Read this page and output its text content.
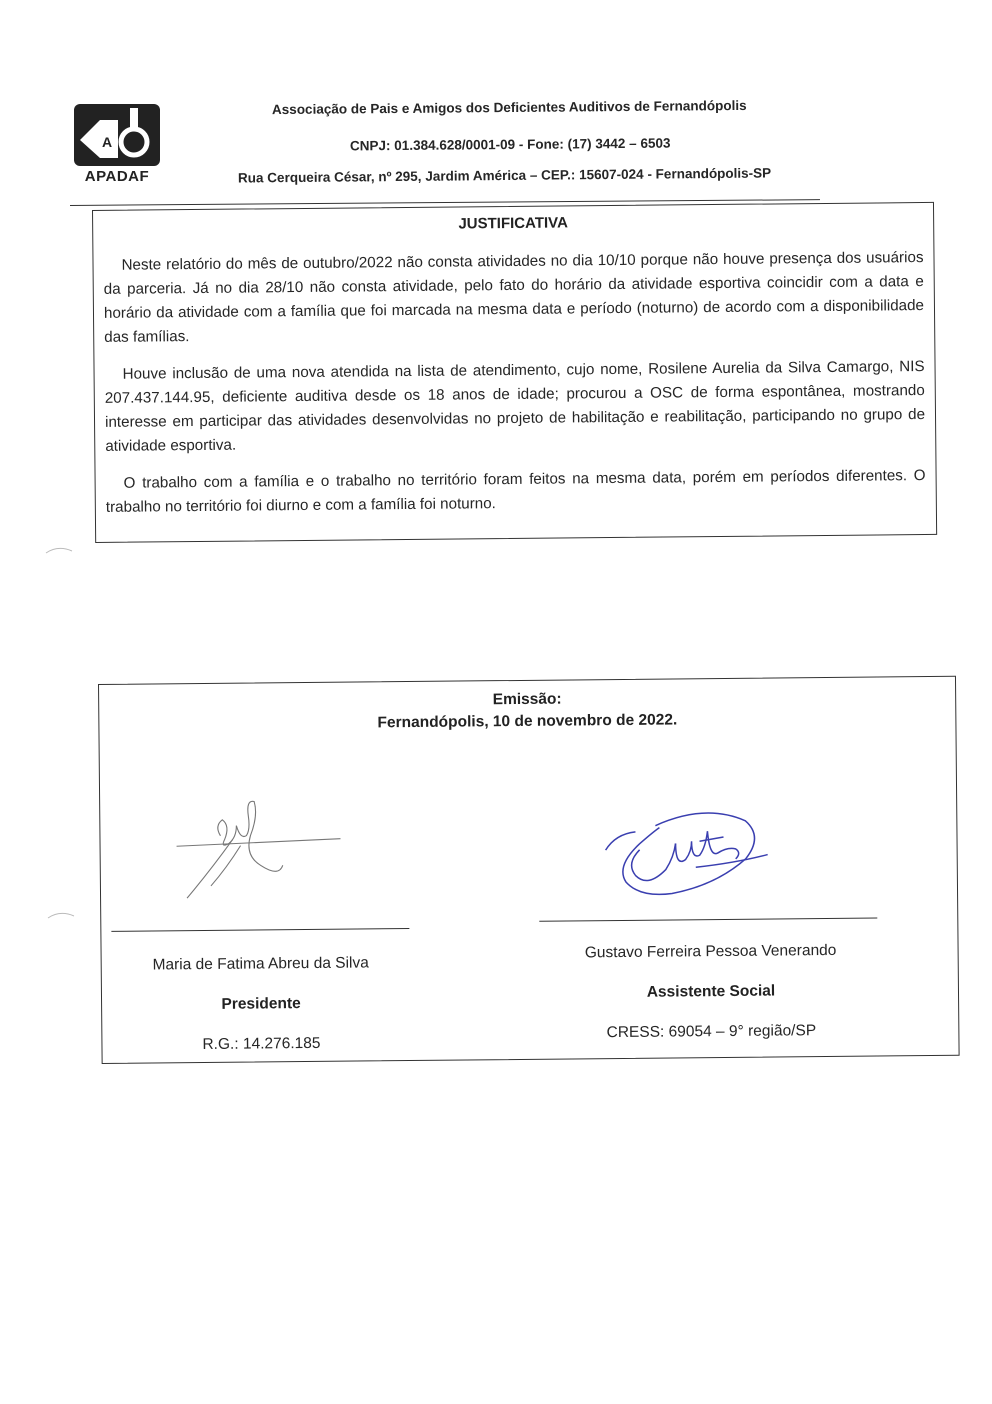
A
APADAF
Associação de Pais e Amigos dos Deficientes Auditivos de Fernandópolis
CNPJ: 01.384.628/0001-09 - Fone: (17) 3442 – 6503
Rua Cerqueira César, nº 295, Jardim América – CEP.: 15607-024 - Fernandópolis-SP
JUSTIFICATIVA

Neste relatório do mês de outubro/2022 não consta atividades no dia 10/10 porque não houve presença dos usuários da parceria. Já no dia 28/10 não consta atividade, pelo fato do horário da atividade esportiva coincidir com a data e horário da atividade com a família que foi marcada na mesma data e período (noturno) de acordo com a disponibilidade das famílias.

Houve inclusão de uma nova atendida na lista de atendimento, cujo nome, Rosilene Aurelia da Silva Camargo, NIS 207.437.144.95, deficiente auditiva desde os 18 anos de idade; procurou a OSC de forma espontânea, mostrando interesse em participar das atividades desenvolvidas no projeto de habilitação e reabilitação, participando no grupo de atividade esportiva.

O trabalho com a família e o trabalho no território foram feitos na mesma data, porém em períodos diferentes. O trabalho no território foi diurno e com a família foi noturno.

Emissão:
Fernandópolis, 10 de novembro de 2022.
Maria de Fatima Abreu da Silva
Presidente
R.G.: 14.276.185
Gustavo Ferreira Pessoa Venerando
Assistente Social
CRESS: 69054 – 9° região/SP
